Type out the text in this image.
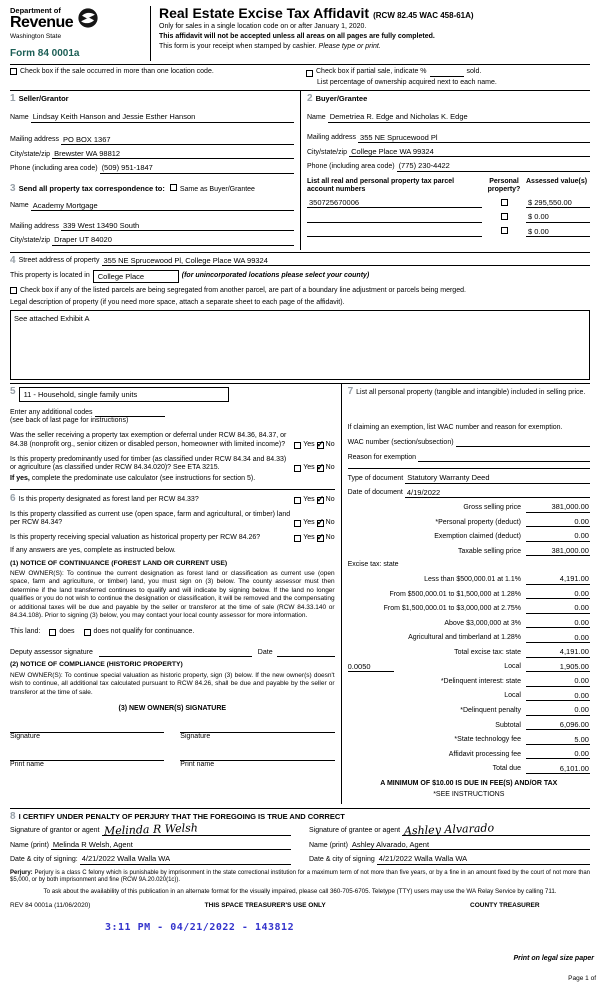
Department of
Revenue
Washington State
Form 84 0001a
Real Estate Excise Tax Affidavit (RCW 82.45 WAC 458-61A)
Only for sales in a single location code on or after January 1, 2020.
This affidavit will not be accepted unless all areas on all pages are fully completed.
This form is your receipt when stamped by cashier. Please type or print.
Check box if the sale occurred in more than one location code.	Check box if partial sale, indicate %	sold.
List percentage of ownership acquired next to each name.
1 Seller/Grantor
Name Lindsay Keith Hanson and Jessie Esther Hanson
Mailing address PO BOX 1367
City/state/zip Brewster WA 98812
Phone (including area code) (509) 951-1847
3 Send all property tax correspondence to: Same as Buyer/Grantee
Name Academy Mortgage
Mailing address 339 West 13490 South
City/state/zip Draper UT 84020
2 Buyer/Grantee
Name Demetriea R. Edge and Nicholas K. Edge
Mailing address 355 NE Sprucewood Pl
City/state/zip College Place WA 99324
Phone (including area code) (775) 230-4422
List all real and personal property tax parcel account numbers
Personal property?
Assessed value(s)
350725670006	$ 295,550.00
$ 0.00
$ 0.00
4 Street address of property 355 NE Sprucewood Pl, College Place WA 99324
This property is located in	College Place	(for unincorporated locations please select your county)
Check box if any of the listed parcels are being segregated from another parcel, are part of a boundary line adjustment or parcels being merged.
Legal description of property (if you need more space, attach a separate sheet to each page of the affidavit).
See attached Exhibit A
5	11 - Household, single family units
Enter any additional codes
(see back of last page for instructions)
Was the seller receiving a property tax exemption or deferral under RCW 84.36, 84.37, or 84.38 (nonprofit org., senior citizen or disabled person, homeowner with limited income)?	Yes ✓ No
Is this property predominantly used for timber (as classified under RCW 84.34 and 84.33) or agriculture (as classified under RCW 84.34.020)? See ETA 3215.	Yes ✓ No
If yes, complete the predominate use calculator (see instructions for section 5).
6 Is this property designated as forest land per RCW 84.33?	Yes ✓ No
Is this property classified as current use (open space, farm and agricultural, or timber) land per RCW 84.34?	Yes ✓ No
Is this property receiving special valuation as historical property per RCW 84.26?	Yes ✓ No
If any answers are yes, complete as instructed below.
(1) NOTICE OF CONTINUANCE (FOREST LAND OR CURRENT USE)
NEW OWNER(S): To continue the current designation as forest land or classification as current use (open space, farm and agriculture, or timber) land, you must sign on (3) below. The county assessor must then determine if the land transferred continues to qualify and will indicate by signing below. If the land no longer qualifies or you do not wish to continue the designation or classification, it will be removed and the compensating or additional taxes will be due and payable by the seller or transferor at the time of sale (RCW 84.33.140 or 84.34.108). Prior to signing (3) below, you may contact your local county assessor for more information.
This land:	does	does not qualify for continuance.
Deputy assessor signature	Date
(2) NOTICE OF COMPLIANCE (HISTORIC PROPERTY)
NEW OWNER(S): To continue special valuation as historic property, sign (3) below. If the new owner(s) doesn't wish to continue, all additional tax calculated pursuant to RCW 84.26, shall be due and payable by the seller or transferor at the time of sale.
(3) NEW OWNER(S) SIGNATURE
Signature	Signature
Print name	Print name
7 List all personal property (tangible and intangible) included in selling price.
If claiming an exemption, list WAC number and reason for exemption.
WAC number (section/subsection)
Reason for exemption
Type of document Statutory Warranty Deed
Date of document 4/19/2022
Gross selling price	381,000.00
*Personal property (deduct)	0.00
Exemption claimed (deduct)	0.00
Taxable selling price	381,000.00
Excise tax: state
Less than $500,000.01 at 1.1%	4,191.00
From $500,000.01 to $1,500,000 at 1.28%	0.00
From $1,500,000.01 to $3,000,000 at 2.75%	0.00
Above $3,000,000 at 3%	0.00
Agricultural and timberland at 1.28%	0.00
Total excise tax: state	4,191.00
0.0050	Local	1,905.00
*Delinquent interest: state	0.00
Local	0.00
*Delinquent penalty	0.00
Subtotal	6,096.00
*State technology fee	5.00
Affidavit processing fee	0.00
Total due	6,101.00
A MINIMUM OF $10.00 IS DUE IN FEE(S) AND/OR TAX
*SEE INSTRUCTIONS
8 I CERTIFY UNDER PENALTY OF PERJURY THAT THE FOREGOING IS TRUE AND CORRECT
Signature of grantor or agent Melinda R Welsh
Name (print) Melinda R Welsh, Agent
Date & city of signing: 4/21/2022 Walla Walla WA
Signature of grantee or agent Ashley Alvarado
Name (print) Ashley Alvarado, Agent
Date & city of signing 4/21/2022 Walla Walla WA
Perjury: Perjury is a class C felony which is punishable by imprisonment in the state correctional institution for a maximum term of not more than five years, or by a fine in an amount fixed by the court of not more than $5,000, or by both imprisonment and fine (RCW 9A.20.020(1c)).
To ask about the availability of this publication in an alternate format for the visually impaired, please call 360-705-6705. Teletype (TTY) users may use the WA Relay Service by calling 711.
REV 84 0001a (11/06/2020)	THIS SPACE TREASURER'S USE ONLY	COUNTY TREASURER
3:11 PM - 04/21/2022 - 143812
Print on legal size paper
Page 1 of
